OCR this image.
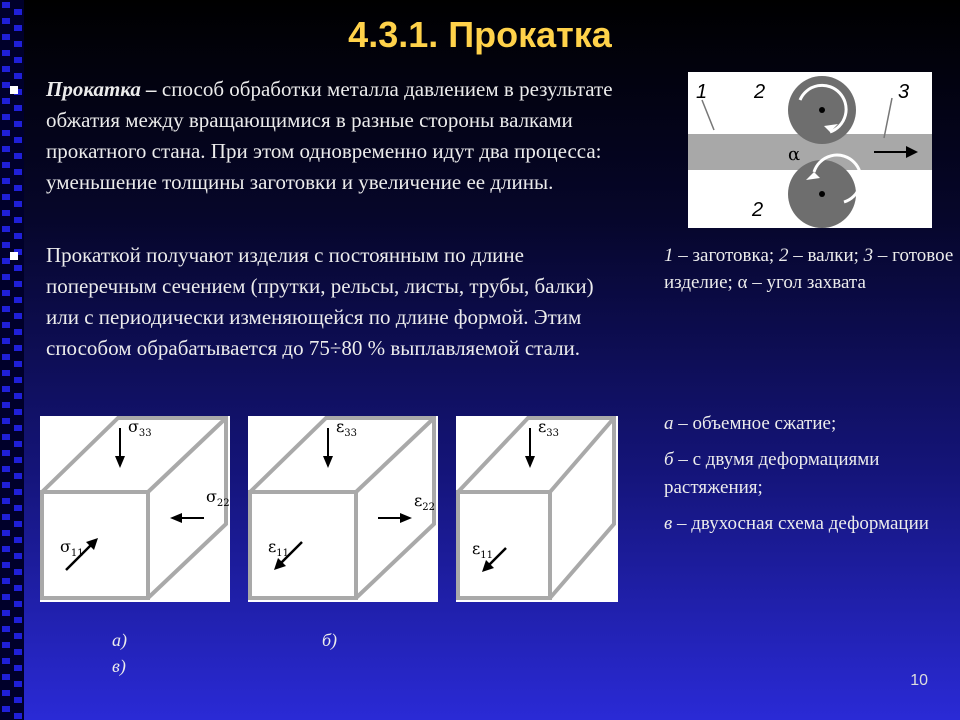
4.3.1. Прокатка
Прокатка – способ обработки металла давлением в результате обжатия между вращающимися в разные стороны валками прокатного стана. При этом одновременно идут два процесса: уменьшение толщины заготовки и увеличение ее длины.
Прокаткой получают изделия с постоянным по длине поперечным сечением (прутки, рельсы, листы, трубы, балки) или с периодически изменяющейся по длине формой. Этим способом обрабатывается до 75÷80 % выплавляемой стали.
1 2	3
2
α
1 – заготовка; 2 – валки; 3 – готовое изделие; α – угол захвата
$\sigma_{33}$
$\sigma_{22}$
$\sigma_{11}$
$\varepsilon_{33}$
$\varepsilon_{22}$
$\varepsilon_{11}$
$\varepsilon_{33}$
$\varepsilon_{11}$
а)	б)
в)
а – объемное сжатие;
б – с двумя деформациями растяжения;
в – двухосная схема деформации
10
